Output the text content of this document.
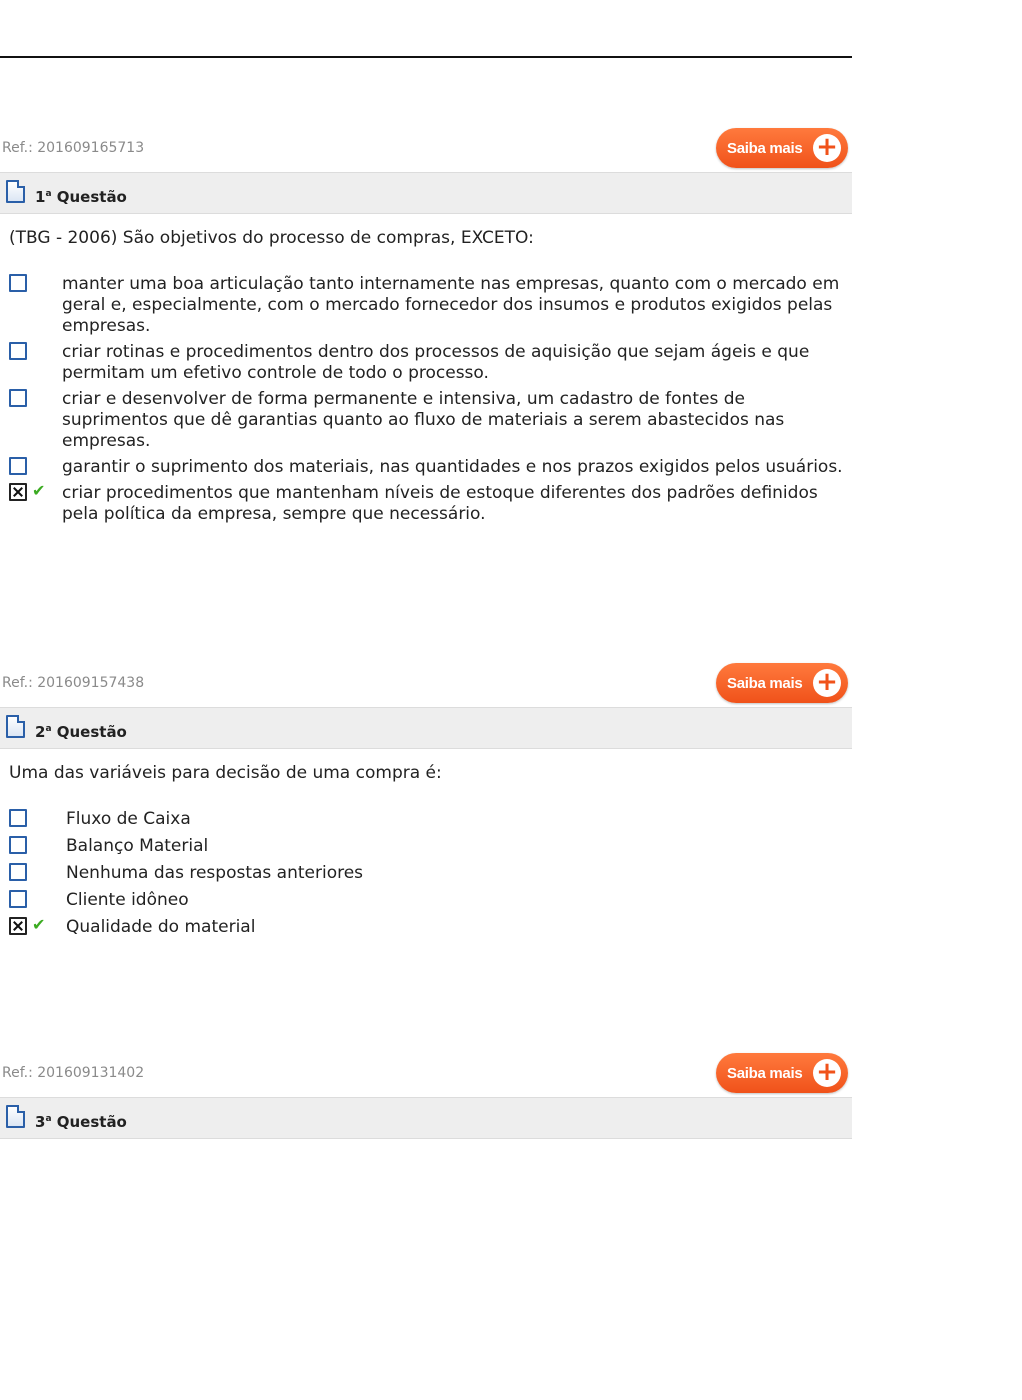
Ref.: 201609165713	Saiba mais +
$1^a$ Questão
(TBG - 2006) São objetivos do processo de compras, EXCETO:
manter uma boa articulação tanto internamente nas empresas, quanto com o mercado em geral e, especialmente, com o mercado fornecedor dos insumos e produtos exigidos pelas empresas.
criar rotinas e procedimentos dentro dos processos de aquisição que sejam ágeis e que permitam um efetivo controle de todo o processo.
criar e desenvolver de forma permanente e intensiva, um cadastro de fontes de suprimentos que dê garantias quanto ao fluxo de materiais a serem abastecidos nas empresas.
garantir o suprimento dos materiais, nas quantidades e nos prazos exigidos pelos usuários.
✔ criar procedimentos que mantenham níveis de estoque diferentes dos padrões definidos pela política da empresa, sempre que necessário.
Ref.: 201609157438	Saiba mais +
$2^a$ Questão
Uma das variáveis para decisão de uma compra é:
Fluxo de Caixa
Balanço Material
Nenhuma das respostas anteriores
Cliente idôneo
✔ Qualidade do material
Ref.: 201609131402	Saiba mais +
$3^a$ Questão
